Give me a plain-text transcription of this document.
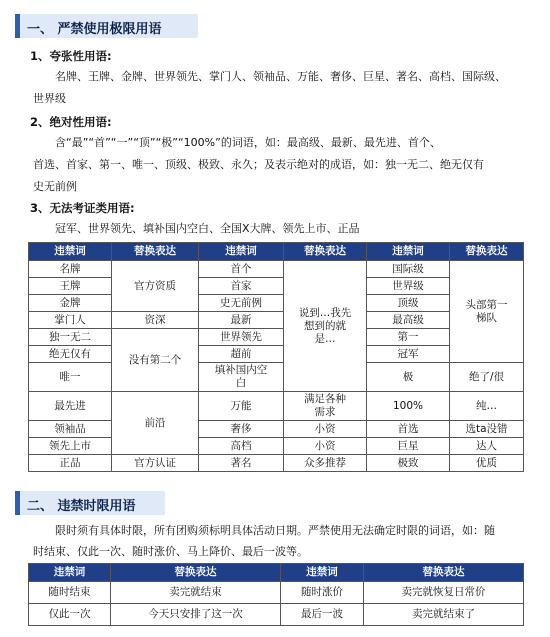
一、 严禁使用极限用语
1、夸张性用语:
名牌、王牌、金牌、世界领先、掌门人、领袖品、万能、奢侈、巨星、著名、高档、国际级、
世界级
2、绝对性用语:
含“最”“首”“一”“顶”“极”“100%”的词语，如：最高级、最新、最先进、首个、
首选、首家、第一、唯一、顶级、极致、永久；及表示绝对的成语，如：独一无二、绝无仅有
史无前例
3、无法考证类用语:
冠军、世界领先、填补国内空白、全国X大牌、领先上市、正品
违禁词	替换表达	违禁词	替换表达	违禁词	替换表达
名牌	官方资质	首个	说到…我先想到的就是…	国际级	头部第一梯队
王牌		首家		世界级	
金牌		史无前例		顶级	
掌门人	资深	最新		最高级	
独一无二	没有第二个	世界领先		第一	
绝无仅有		超前		冠军	
唯一		填补国内空白		极	绝了/很
最先进	前沿	万能	满足各种需求	100%	纯…
领袖品		奢侈	小资	首选	选ta没错
领先上市		高档	小资	巨星	达人
正品	官方认证	著名	众多推荐	极致	优质
二、 违禁时限用语
限时须有具体时限，所有团购须标明具体活动日期。严禁使用无法确定时限的词语，如：随
时结束、仅此一次、随时涨价、马上降价、最后一波等。
违禁词	替换表达	违禁词	替换表达
随时结束	卖完就结束	随时涨价	卖完就恢复日常价
仅此一次	今天只安排了这一次	最后一波	卖完就结束了
